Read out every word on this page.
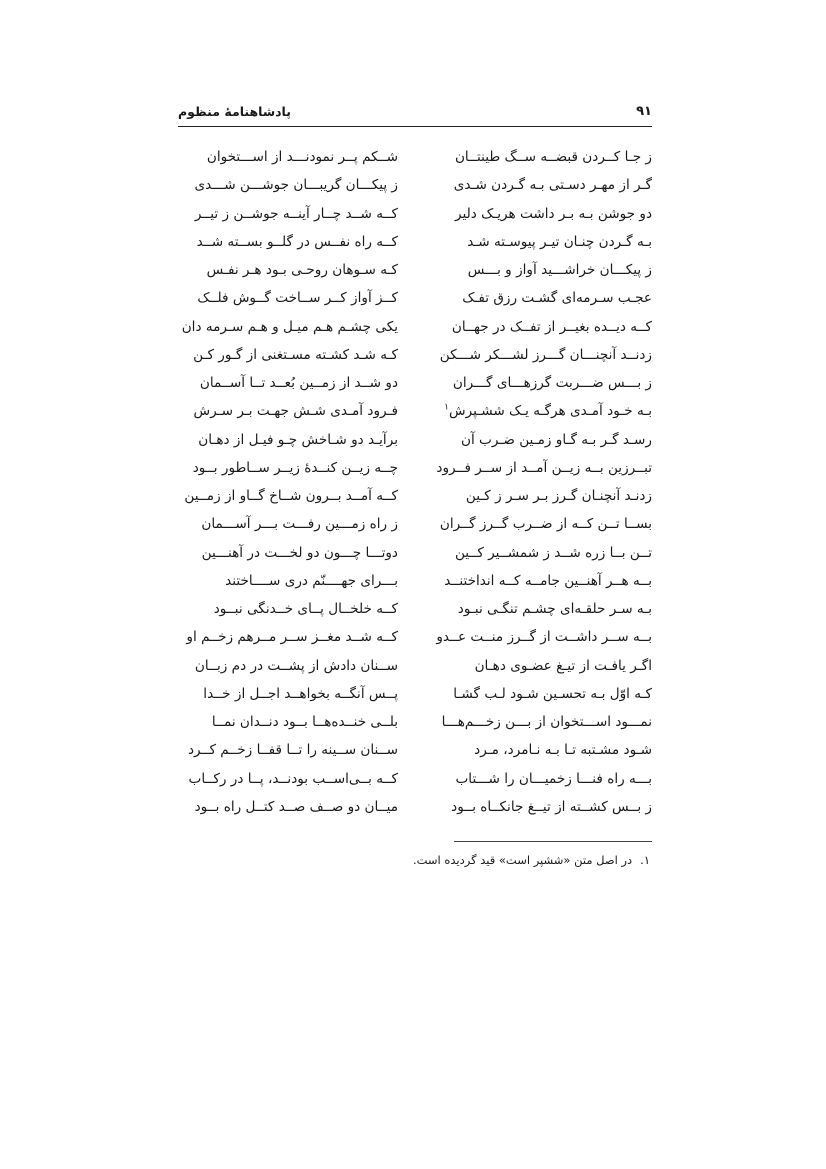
۹۱
پادشاهنامهٔ منظوم
ز جـا کــردن قبضــه ســگ طینتــان
شــکم پــر نمودنـــد از اســـتخوان
گـر از مهـر دسـتی بـه گـردن شـدی
ز پیکـــان گریبـــان جوشـــن شـــدی
دو جوشن بـه بـر داشت هریـک دلیر
کــه شــد چــار آینــه جوشــن ز تیــر
بـه گـردن چنـان تیـر پیوسـته شـد
کــه راه نفــس در گلــو بســته شــد
ز پیکـــان خراشـــید آواز و بـــس
کـه سـوهان روحـی بـود هـر نفـس
عجـب سـرمه‌ای گشـت رزق تفـک
کــز آواز کــر ســاخت گــوش فلــک
کــه دیــده بغیــر از تفــک در جهــان
یکی چشـم هـم میـل و هـم سـرمه دان
زدنــد آنچنـــان گـــرز لشـــکر شـــکن
کـه شـد کشـته مسـتغنی از گـور کـن
ز بـــس ضـــربت گرزهـــای گـــران
دو شــد از زمــین بُعــد تــا آســمان
بـه خـود آمـدی هرگـه یـک ششـپرش$^۱$
فـرود آمـدی شـش جهـت بـر سـرش
رسـد گـر بـه گـاو زمـین ضـرب آن
برآیـد دو شـاخش چـو فیـل از دهـان
تبــرزین بــه زیــن آمــد از ســر فــرود
چــه زیــن کنــدهٔ زیــر ســاطور بــود
زدنـد آنچنـان گـرز بـر سـر ز کـین
کــه آمــد بــرون شــاخ گــاو از زمــین
بســا تــن کــه از ضــرب گــرز گــران
ز راه زمـــین رفـــت بـــر آســـمان
تــن بــا زره شــد ز شمشــیر کــین
دوتـــا چـــون دو لخـــت در آهنـــین
بــه هــر آهنــین جامــه کــه انداختنــد
بـــرای جهــــنّم دری ســــاختند
بـه سـر حلقـه‌ای چشـم تنگـی نبـود
کــه خلخــال پــای خــدنگی نبــود
بــه ســر داشــت از گــرز منــت عــدو
کــه شــد مغــز ســر مــرهم زخــم او
اگـر یافـت از تیـغ عضـوی دهـان
ســنان دادش از پشــت در دم زبــان
کـه اوّل بـه تحسـین شـود لـب گشـا
پــس آنگــه بخواهــد اجــل از خــدا
نمـــود اســـتخوان از بـــن زخـــم‌هـــا
بلــی خنــده‌هــا بــود دنــدان نمــا
شـود مشـتبه تـا بـه نـامرد، مـرد
ســنان ســینه را تــا قفــا زخــم کــرد
بـــه راه فنـــا زخمیـــان را شـــتاب
کــه بــی‌اســب بودنــد، پــا در رکــاب
ز بــس کشــته از تیــغ جانکــاه بــود
میــان دو صــف صــد کتــل راه بــود
۱.در اصل متن «ششپر است» قید گردیده است.
